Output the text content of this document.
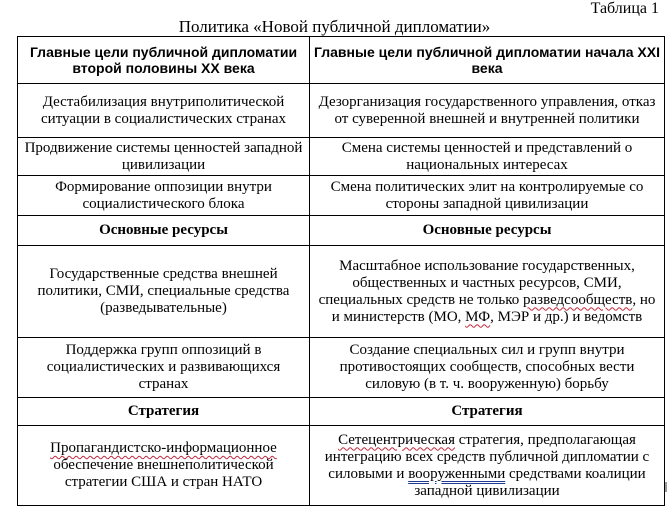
Таблица 1
Политика «Новой публичной дипломатии»
Главные цели публичной дипломатии второй половины XX века	Главные цели публичной дипломатии начала XXI века
Дестабилизация внутриполитической ситуации в социалистических странах	Дезорганизация государственного управления, отказ от суверенной внешней и внутренней политики
Продвижение системы ценностей западной цивилизации	Смена системы ценностей и представлений о национальных интересах
Формирование оппозиции внутри социалистического блока	Смена политических элит на контролируемые со стороны западной цивилизации
Основные ресурсы	Основные ресурсы
Государственные средства внешней политики, СМИ, специальные средства (разведывательные)	Масштабное использование государственных, общественных и частных ресурсов, СМИ, специальных средств не только разведсообществ, но и министерств (МО, МФ, МЭР и др.) и ведомств
Поддержка групп оппозиций в социалистических и развивающихся странах	Создание специальных сил и групп внутри противостоящих сообществ, способных вести силовую (в т. ч. вооруженную) борьбу
Стратегия	Стратегия
Пропагандистско-информационное обеспечение внешнеполитической стратегии США и стран НАТО	Сетецентрическая стратегия, предполагающая интеграцию всех средств публичной дипломатии с силовыми и вооруженными средствами коалиции западной цивилизации
